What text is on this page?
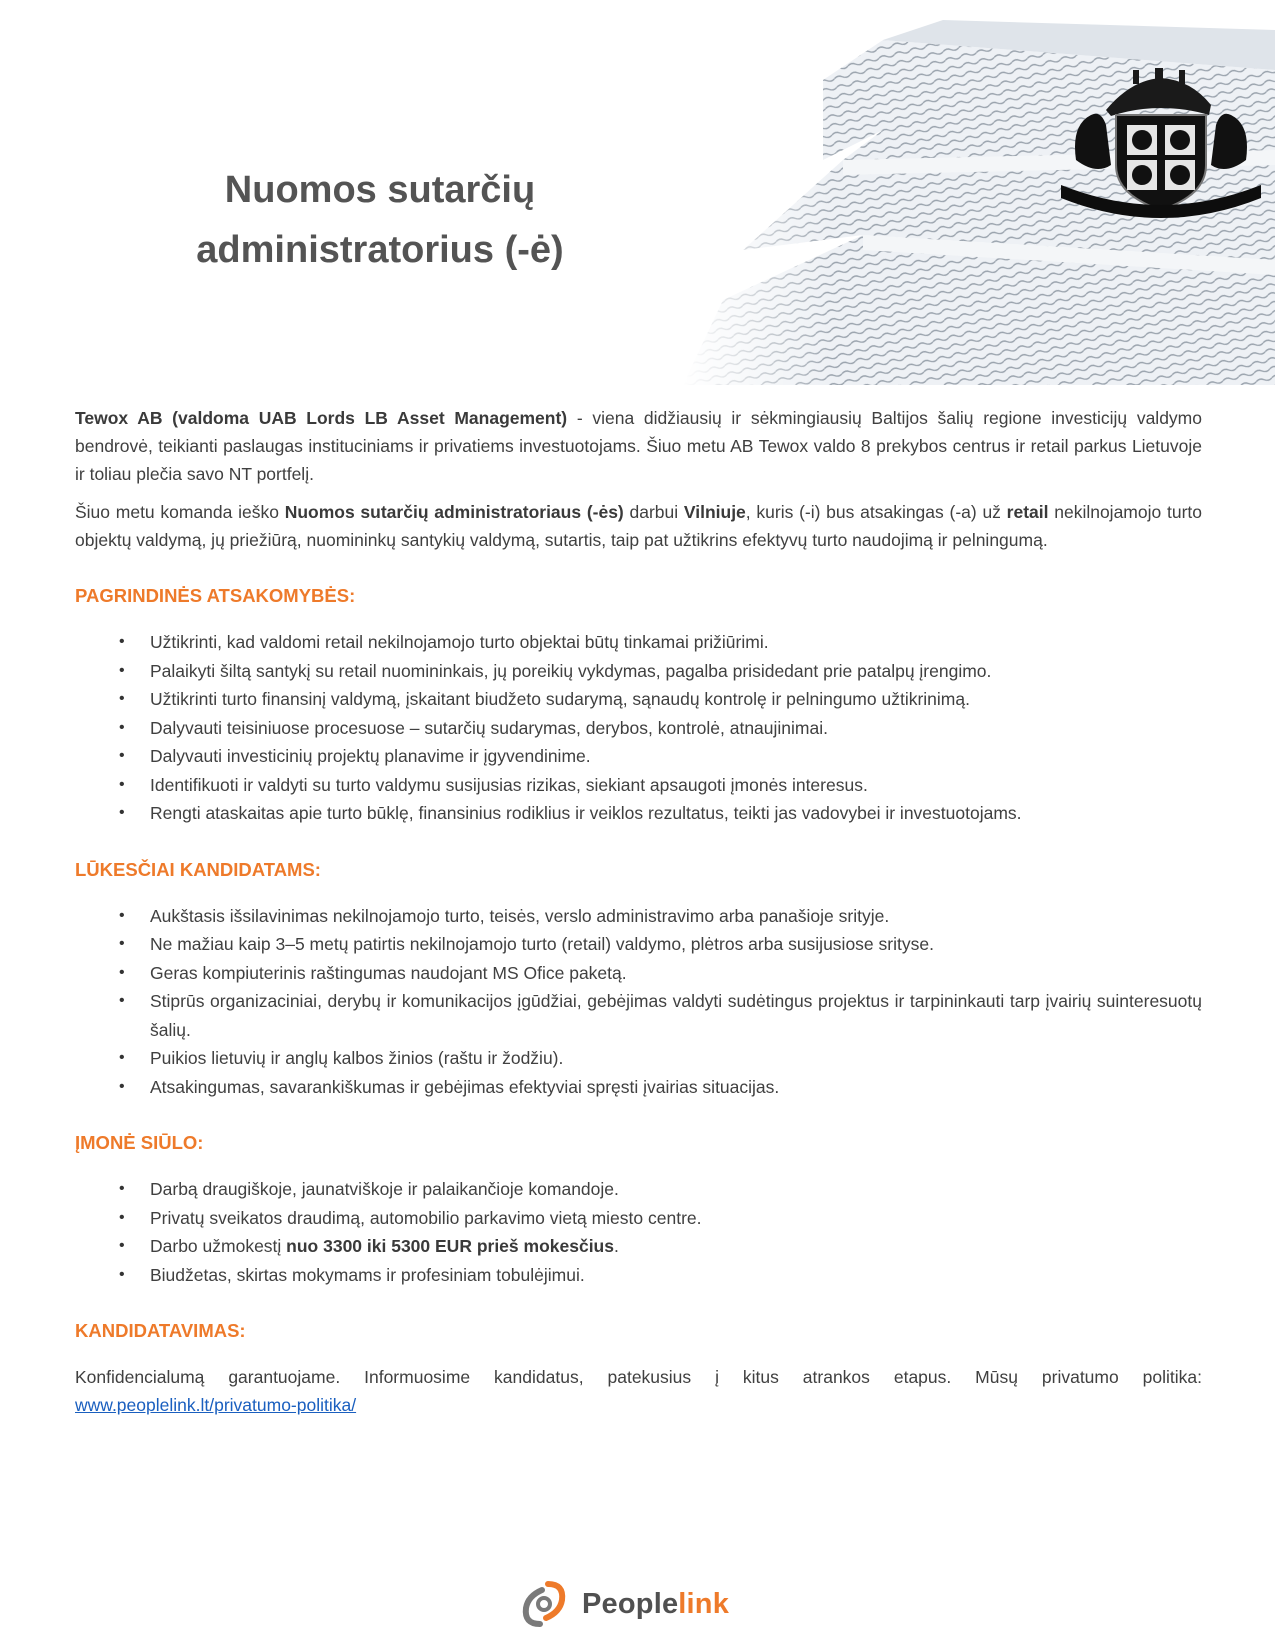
Nuomos sutarčių
administratorius (-ė)

Tewox AB (valdoma UAB Lords LB Asset Management) - viena didžiausių ir sėkmingiausių Baltijos šalių regione investicijų valdymo bendrovė, teikianti paslaugas instituciniams ir privatiems investuotojams. Šiuo metu AB Tewox valdo 8 prekybos centrus ir retail parkus Lietuvoje ir toliau plečia savo NT portfelį.

Šiuo metu komanda ieško Nuomos sutarčių administratoriaus (-ės) darbui Vilniuje, kuris (-i) bus atsakingas (-a) už retail nekilnojamojo turto objektų valdymą, jų priežiūrą, nuomininkų santykių valdymą, sutartis, taip pat užtikrins efektyvų turto naudojimą ir pelningumą.

PAGRINDINĖS ATSAKOMYBĖS:
• Užtikrinti, kad valdomi retail nekilnojamojo turto objektai būtų tinkamai prižiūrimi.
• Palaikyti šiltą santykį su retail nuomininkais, jų poreikių vykdymas, pagalba prisidedant prie patalpų įrengimo.
• Užtikrinti turto finansinį valdymą, įskaitant biudžeto sudarymą, sąnaudų kontrolę ir pelningumo užtikrinimą.
• Dalyvauti teisiniuose procesuose – sutarčių sudarymas, derybos, kontrolė, atnaujinimai.
• Dalyvauti investicinių projektų planavime ir įgyvendinime.
• Identifikuoti ir valdyti su turto valdymu susijusias rizikas, siekiant apsaugoti įmonės interesus.
• Rengti ataskaitas apie turto būklę, finansinius rodiklius ir veiklos rezultatus, teikti jas vadovybei ir investuotojams.
LŪKESČIAI KANDIDATAMS:
• Aukštasis išsilavinimas nekilnojamojo turto, teisės, verslo administravimo arba panašioje srityje.
• Ne mažiau kaip 3–5 metų patirtis nekilnojamojo turto (retail) valdymo, plėtros arba susijusiose srityse.
• Geras kompiuterinis raštingumas naudojant MS Ofice paketą.
• Stiprūs organizaciniai, derybų ir komunikacijos įgūdžiai, gebėjimas valdyti sudėtingus projektus ir tarpininkauti tarp įvairių suinteresuotų šalių.
• Puikios lietuvių ir anglų kalbos žinios (raštu ir žodžiu).
• Atsakingumas, savarankiškumas ir gebėjimas efektyviai spręsti įvairias situacijas.
ĮMONĖ SIŪLO:
• Darbą draugiškoje, jaunatviškoje ir palaikančioje komandoje.
• Privatų sveikatos draudimą, automobilio parkavimo vietą miesto centre.
• Darbo užmokestį nuo 3300 iki 5300 EUR prieš mokesčius.
• Biudžetas, skirtas mokymams ir profesiniam tobulėjimui.
KANDIDATAVIMAS:

Konfidencialumą garantuojame. Informuosime kandidatus, patekusius į kitus atrankos etapus. Mūsų privatumo politika: www.peoplelink.lt/privatumo-politika/

Peoplelink
